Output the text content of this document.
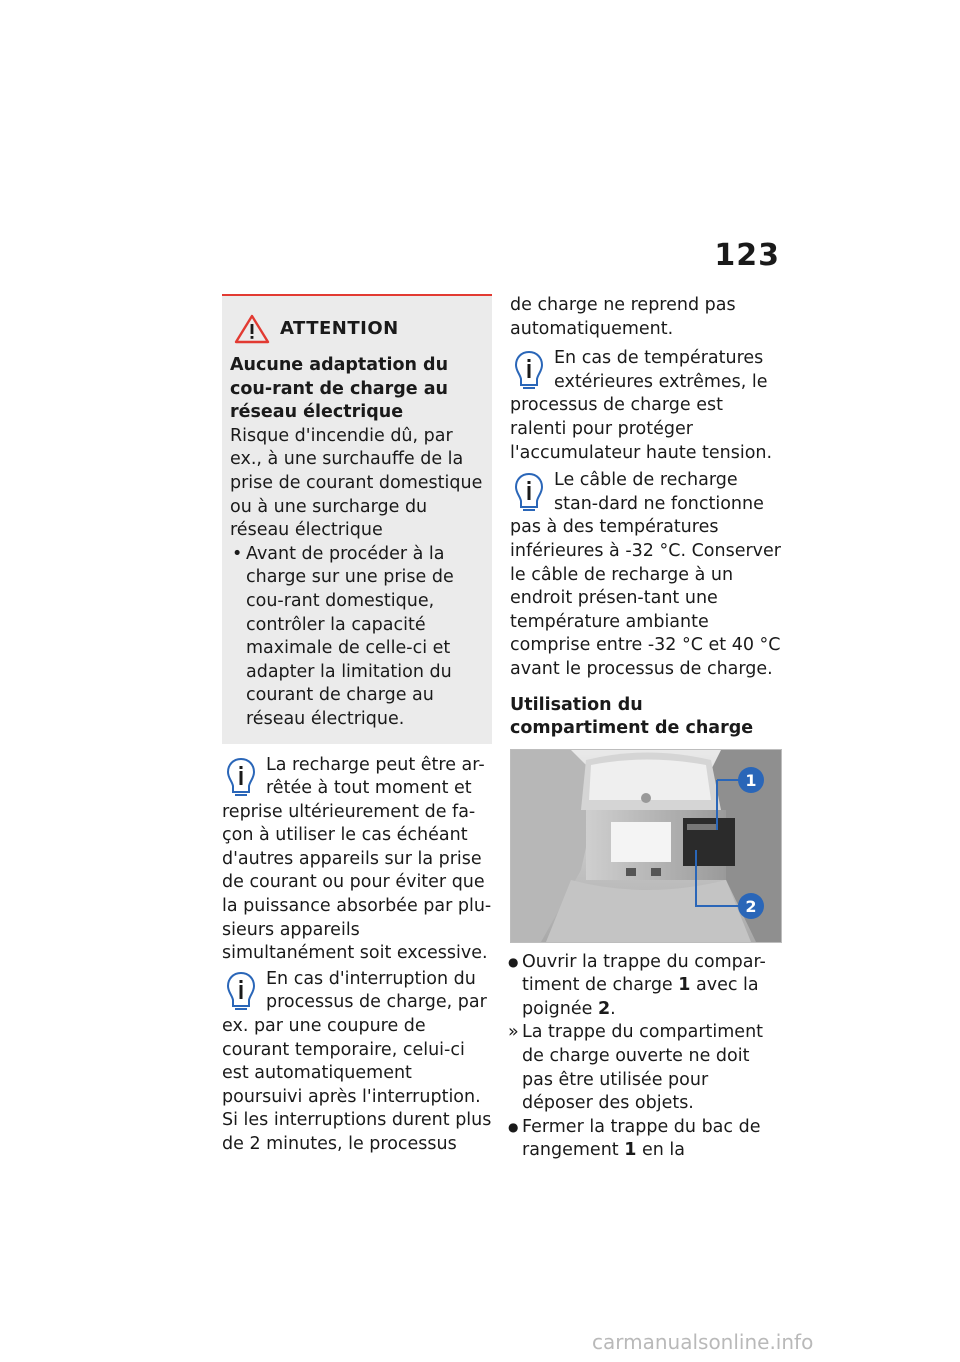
123
ATTENTION

Aucune adaptation du cou-rant de charge au réseau électrique

Risque d'incendie dû, par ex., à une surchauffe de la prise de courant domestique ou à une surcharge du réseau électrique

• Avant de procéder à la charge sur une prise de cou-rant domestique, contrôler la capacité maximale de celle-ci et adapter la limitation du courant de charge au réseau électrique.

La recharge peut être ar-rêtée à tout moment et reprise ultérieurement de fa-çon à utiliser le cas échéant d'autres appareils sur la prise de courant ou pour éviter que la puissance absorbée par plu-sieurs appareils simultanément soit excessive.

En cas d'interruption du processus de charge, par ex. par une coupure de courant temporaire, celui-ci est automatiquement poursuivi après l'interruption. Si les interruptions durent plus de 2 minutes, le processus

de charge ne reprend pas automatiquement.

En cas de températures extérieures extrêmes, le processus de charge est ralenti pour protéger l'accumulateur haute tension.

Le câble de recharge stan-dard ne fonctionne pas à des températures inférieures à -32 °C. Conserver le câble de recharge à un endroit présen-tant une température ambiante comprise entre -32 °C et 40 °C avant le processus de charge.

Utilisation du compartiment de charge

1
2
● Ouvrir la trappe du compar-timent de charge 1 avec la poignée 2.
» La trappe du compartiment de charge ouverte ne doit pas être utilisée pour déposer des objets.
● Fermer la trappe du bac de rangement 1 en la
carmanualsonline.info
